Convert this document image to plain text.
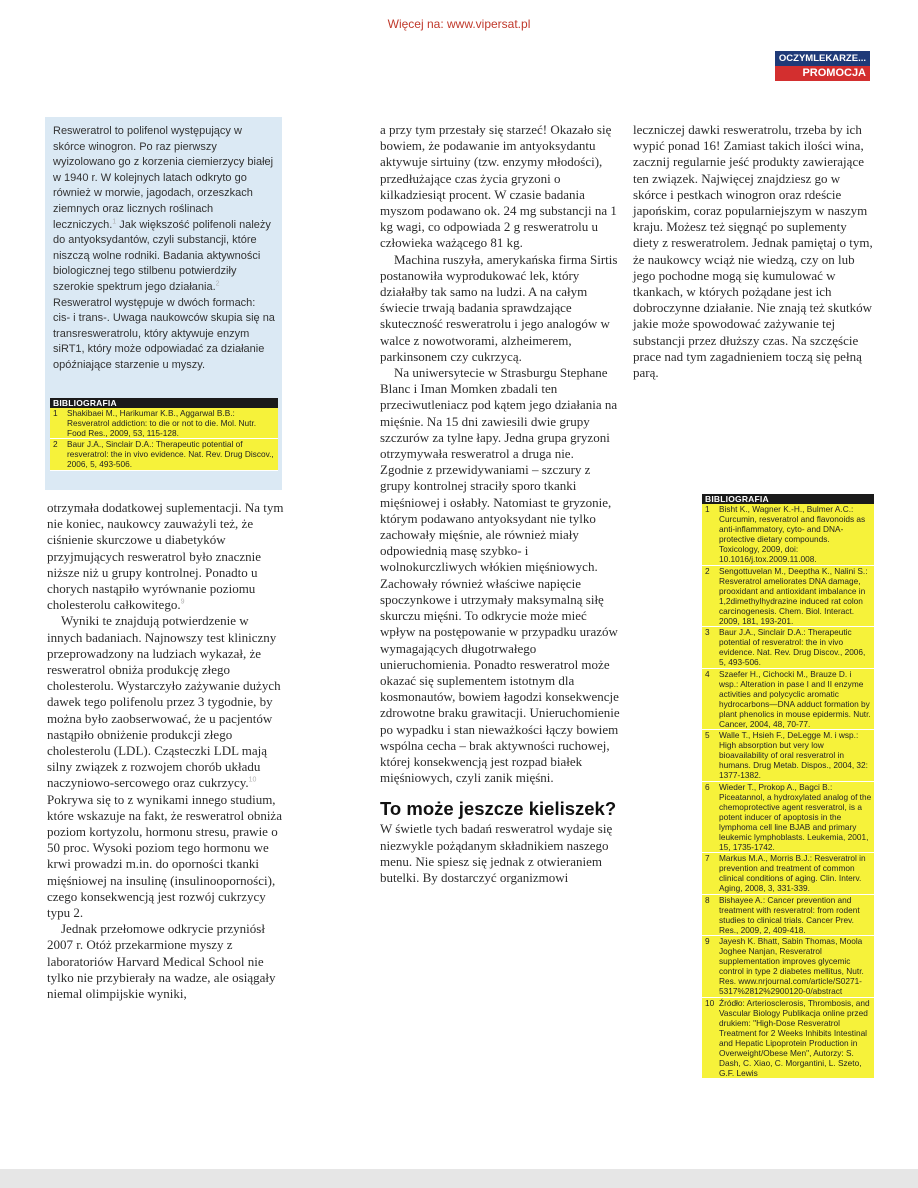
Więcej na: www.vipersat.pl
OCZYMLEKARZE...
PROMOCJA
Resweratrol to polifenol występujący w skórce winogron. Po raz pierwszy wyizolowano go z korzenia ciemierzycy białej w 1940 r. W kolejnych latach odkryto go również w morwie, jagodach, orzeszkach ziemnych oraz licznych roślinach leczniczych.$^1$ Jak większość polifenoli należy do antyoksydantów, czyli substancji, które niszczą wolne rodniki. Badania aktywności biologicznej tego stilbenu potwierdziły szerokie spektrum jego działania.$^2$ Resweratrol występuje w dwóch formach: cis- i trans-. Uwaga naukowców skupia się na transresweratrolu, który aktywuje enzym siRT1, który może odpowiadać za działanie opóźniające starzenie u myszy.
BIBLIOGRAFIA
1	Shakibaei M., Harikumar K.B., Aggarwal B.B.: Resveratrol addiction: to die or not to die. Mol. Nutr. Food Res., 2009, 53, 115-128.
2	Baur J.A., Sinclair D.A.: Therapeutic potential of resveratrol: the in vivo evidence. Nat. Rev. Drug Discov., 2006, 5, 493-506.

otrzymała dodatkowej suplementacji. Na tym nie koniec, naukowcy zauważyli też, że ciśnienie skurczowe u diabetyków przyjmujących resweratrol było znacznie niższe niż u grupy kontrolnej. Ponadto u chorych nastąpiło wyrównanie poziomu cholesterolu całkowitego.$^9$

Wyniki te znajdują potwierdzenie w innych badaniach. Najnowszy test kliniczny przeprowadzony na ludziach wykazał, że resweratrol obniża produkcję złego cholesterolu. Wystarczyło zażywanie dużych dawek tego polifenolu przez 3 tygodnie, by można było zaobserwować, że u pacjentów nastąpiło obniżenie produkcji złego cholesterolu (LDL). Cząsteczki LDL mają silny związek z rozwojem chorób układu naczyniowo-sercowego oraz cukrzycy.$^{10}$

Pokrywa się to z wynikami innego studium, które wskazuje na fakt, że resweratrol obniża poziom kortyzolu, hormonu stresu, prawie o 50 proc. Wysoki poziom tego hormonu we krwi prowadzi m.in. do oporności tkanki mięśniowej na insulinę (insulinooporności), czego konsekwencją jest rozwój cukrzycy typu 2.

Jednak przełomowe odkrycie przyniósł 2007 r. Otóż przekarmione myszy z laboratoriów Harvard Medical School nie tylko nie przybierały na wadze, ale osiągały niemal olimpijskie wyniki,

a przy tym przestały się starzeć! Okazało się bowiem, że podawanie im antyoksydantu aktywuje sirtuiny (tzw. enzymy młodości), przedłużające czas życia gryzoni o kilkadziesiąt procent. W czasie badania myszom podawano ok. 24 mg substancji na 1 kg wagi, co odpowiada 2 g resweratrolu u człowieka ważącego 81 kg.

Machina ruszyła, amerykańska firma Sirtis postanowiła wyprodukować lek, który działałby tak samo na ludzi. A na całym świecie trwają badania sprawdzające skuteczność resweratrolu i jego analogów w walce z nowotworami, alzheimerem, parkinsonem czy cukrzycą.

Na uniwersytecie w Strasburgu Stephane Blanc i Iman Momken zbadali ten przeciwutleniacz pod kątem jego działania na mięśnie. Na 15 dni zawiesili dwie grupy szczurów za tylne łapy. Jedna grupa gryzoni otrzymywała resweratrol a druga nie. Zgodnie z przewidywaniami – szczury z grupy kontrolnej straciły sporo tkanki mięśniowej i osłabły. Natomiast te gryzonie, którym podawano antyoksydant nie tylko zachowały mięśnie, ale również miały odpowiednią masę szybko- i wolnokurczliwych włókien mięśniowych. Zachowały również właściwe napięcie spoczynkowe i utrzymały maksymalną siłę skurczu mięśni. To odkrycie może mieć wpływ na postępowanie w przypadku urazów wymagających długotrwałego unieruchomienia. Ponadto resweratrol może okazać się suplementem istotnym dla kosmonautów, bowiem łagodzi konsekwencje zdrowotne braku grawitacji. Unieruchomienie po wypadku i stan nieważkości łączy bowiem wspólna cecha – brak aktywności ruchowej, której konsekwencją jest rozpad białek mięśniowych, czyli zanik mięśni.

To może jeszcze kieliszek?

W świetle tych badań resweratrol wydaje się niezwykle pożądanym składnikiem naszego menu. Nie spiesz się jednak z otwieraniem butelki. By dostarczyć organizmowi

leczniczej dawki resweratrolu, trzeba by ich wypić ponad 16! Zamiast takich ilości wina, zacznij regularnie jeść produkty zawierające ten związek. Najwięcej znajdziesz go w skórce i pestkach winogron oraz rdeście japońskim, coraz popularniejszym w naszym kraju. Możesz też sięgnąć po suplementy diety z resweratrolem. Jednak pamiętaj o tym, że naukowcy wciąż nie wiedzą, czy on lub jego pochodne mogą się kumulować w tkankach, w których pożądane jest ich dobroczynne działanie. Nie znają też skutków jakie może spowodować zażywanie tej substancji przez dłuższy czas. Na szczęście prace nad tym zagadnieniem toczą się pełną parą.

BIBLIOGRAFIA
1	Bisht K., Wagner K.-H., Bulmer A.C.: Curcumin, resveratrol and flavonoids as anti-inflammatory, cyto- and DNA-protective dietary compounds. Toxicology, 2009, doi: 10.1016/j.tox.2009.11.008.
2	Sengottuvelan M., Deeptha K., Nalini S.: Resveratrol ameliorates DNA damage, prooxidant and antioxidant imbalance in 1,2dimethylhydrazine induced rat colon carcinogenesis. Chem. Biol. Interact. 2009, 181, 193-201.
3	Baur J.A., Sinclair D.A.: Therapeutic potential of resveratrol: the in vivo evidence. Nat. Rev. Drug Discov., 2006, 5, 493-506.
4	Szaefer H., Cichocki M., Brauze D. i wsp.: Alteration in pase I and II enzyme activities and polycyclic aromatic hydrocarbons—DNA adduct formation by plant phenolics in mouse epidermis. Nutr. Cancer, 2004, 48, 70-77.
5	Walle T., Hsieh F., DeLegge M. i wsp.: High absorption but very low bioavailability of oral resveratrol in humans. Drug Metab. Dispos., 2004, 32: 1377-1382.
6	Wieder T., Prokop A., Bagci B.: Piceatannol, a hydroxylated analog of the chemoprotective agent resveratrol, is a potent inducer of apoptosis in the lymphoma cell line BJAB and primary leukemic lymphoblasts. Leukemia, 2001, 15, 1735-1742.
7	Markus M.A., Morris B.J.: Resveratrol in prevention and treatment of common clinical conditions of aging. Clin. Interv. Aging, 2008, 3, 331-339.
8	Bishayee A.: Cancer prevention and treatment with resveratrol: from rodent studies to clinical trials. Cancer Prev. Res., 2009, 2, 409-418.
9	Jayesh K. Bhatt, Sabin Thomas, Moola Joghee Nanjan, Resveratrol supplementation improves glycemic control in type 2 diabetes mellitus, Nutr. Res. www.nrjournal.com/article/S0271-5317%2812%2900120-0/abstract
10 Źródło: Arteriosclerosis, Thrombosis, and Vascular Biology Publikacja online przed drukiem: "High-Dose Resveratrol Treatment for 2 Weeks Inhibits Intestinal and Hepatic Lipoprotein Production in Overweight/Obese Men", Autorzy: S. Dash, C. Xiao, C. Morgantini, L. Szeto, G.F. Lewis
